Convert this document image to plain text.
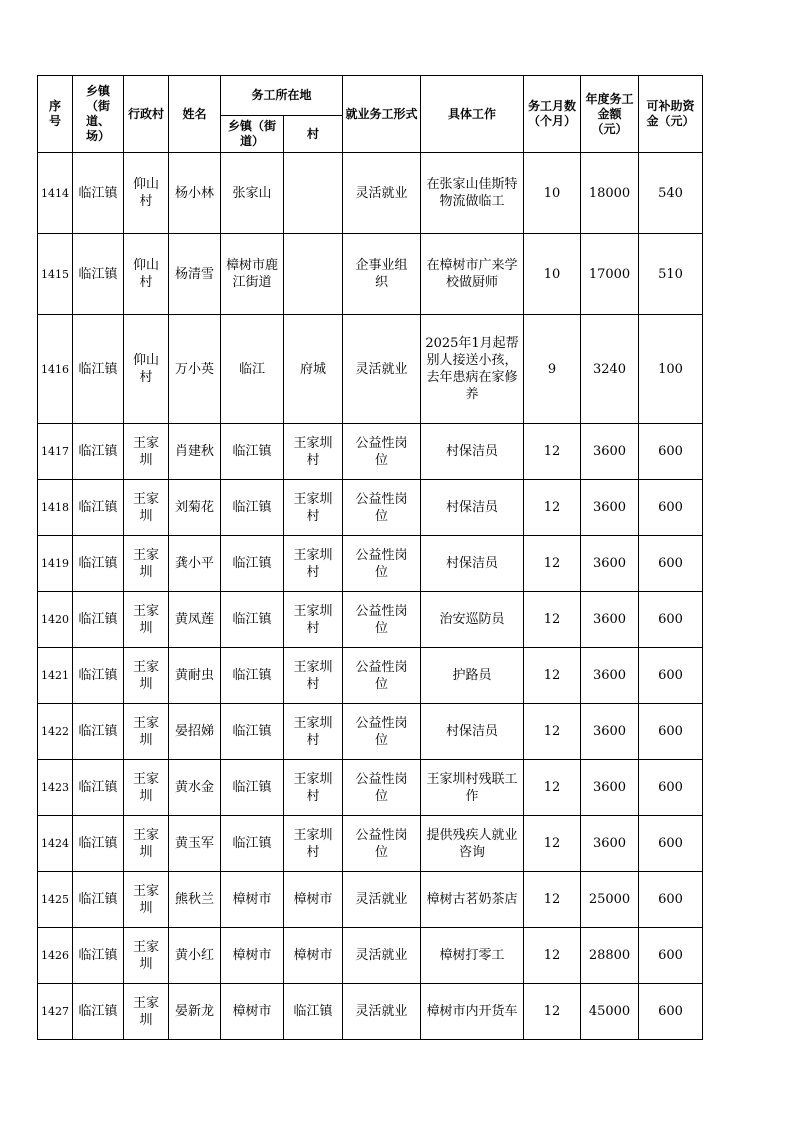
序号	乡镇（街道、场）	行政村	姓名	务工所在地		就业务工形式	具体工作	务工月数（个月）	年度务工金额（元）	可补助资金（元）

				乡镇（街道）	村					

1414	临江镇	仰山村	杨小林	张家山		灵活就业	在张家山佳斯特物流做临工	10	18000	540

1415	临江镇	仰山村	杨清雪	樟树市鹿江街道		企事业组织	在樟树市广来学校做厨师	10	17000	510

1416	临江镇	仰山村	万小英	临江	府城	灵活就业	2025年1月起帮别人接送小孩，去年患病在家修养	9	3240	100

1417	临江镇	王家圳	肖建秋	临江镇	王家圳村	公益性岗位	村保洁员	12	3600	600

1418	临江镇	王家圳	刘菊花	临江镇	王家圳村	公益性岗位	村保洁员	12	3600	600

1419	临江镇	王家圳	龚小平	临江镇	王家圳村	公益性岗位	村保洁员	12	3600	600

1420	临江镇	王家圳	黄凤莲	临江镇	王家圳村	公益性岗位	治安巡防员	12	3600	600

1421	临江镇	王家圳	黄耐虫	临江镇	王家圳村	公益性岗位	护路员	12	3600	600

1422	临江镇	王家圳	晏招娣	临江镇	王家圳村	公益性岗位	村保洁员	12	3600	600

1423	临江镇	王家圳	黄水金	临江镇	王家圳村	公益性岗位	王家圳村残联工作	12	3600	600

1424	临江镇	王家圳	黄玉军	临江镇	王家圳村	公益性岗位	提供残疾人就业咨询	12	3600	600

1425	临江镇	王家圳	熊秋兰	樟树市	樟树市	灵活就业	樟树古茗奶茶店	12	25000	600

1426	临江镇	王家圳	黄小红	樟树市	樟树市	灵活就业	樟树打零工	12	28800	600

1427	临江镇	王家圳	晏新龙	樟树市	临江镇	灵活就业	樟树市内开货车	12	45000	600
